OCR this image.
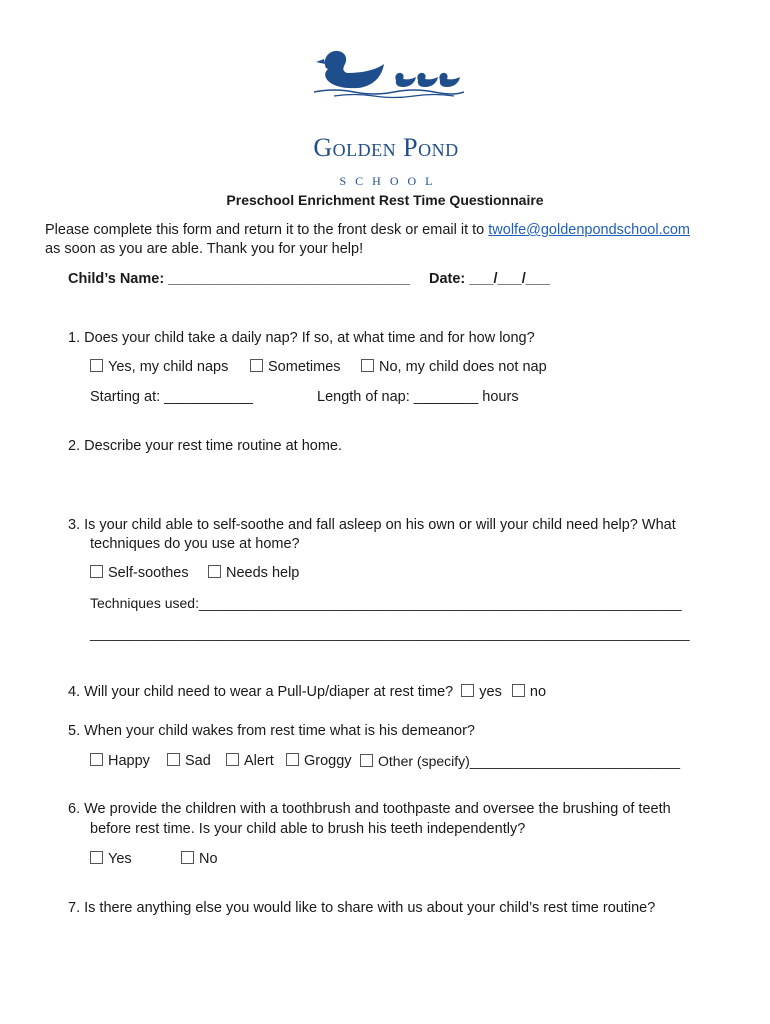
Golden Pond
SCHOOL
Preschool Enrichment Rest Time Questionnaire
Please complete this form and return it to the front desk or email it to twolfe@goldenpondschool.com
as soon as you are able. Thank you for your help!
Child’s Name: ______________________________ Date: ___/___/___
1. Does your child take a daily nap? If so, at what time and for how long?
Yes, my child naps	Sometimes	No, my child does not nap
Starting at: ___________	Length of nap: ________ hours
2. Describe your rest time routine at home.
3. Is your child able to self-soothe and fall asleep on his own or will your child need help? What
techniques do you use at home?
Self-soothes	Needs help
Techniques used:______________________________________________________________
_____________________________________________________________________________
4. Will your child need to wear a Pull-Up/diaper at rest time? yes no
5. When your child wakes from rest time what is his demeanor?
Happy	Sad	Alert	Groggy	Other (specify)___________________________
6. We provide the children with a toothbrush and toothpaste and oversee the brushing of teeth
before rest time. Is your child able to brush his teeth independently?
Yes	No
7. Is there anything else you would like to share with us about your child’s rest time routine?
